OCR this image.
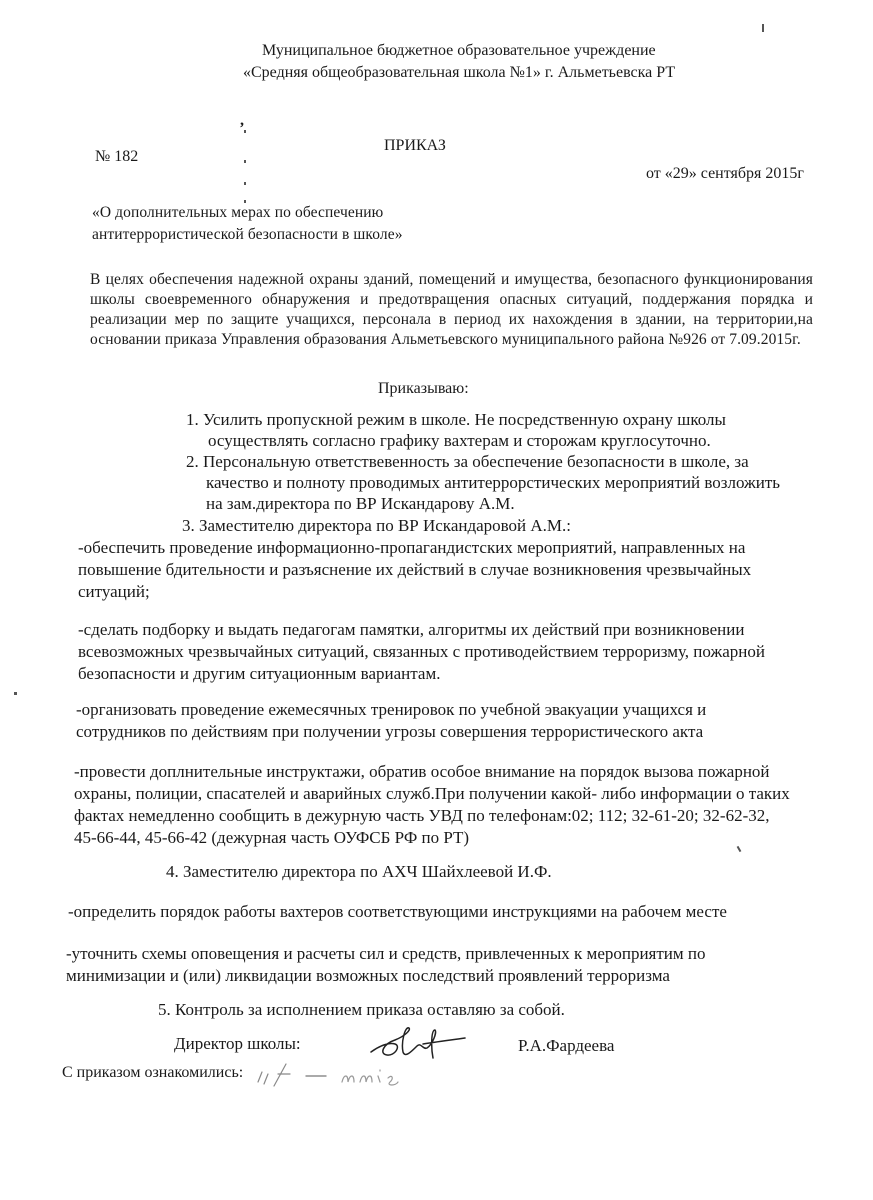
Муниципальное бюджетное образовательное учреждение
«Средняя общеобразовательная школа №1» г. Альметьевска РТ
,
ПРИКАЗ
№ 182
от «29» сентября 2015г
«О дополнительных мерах по обеспечению
антитеррористической безопасности в школе»
В целях обеспечения надежной охраны зданий, помещений и имущества, безопасного функционирования
школы своевременного обнаружения и предотвращения опасных ситуаций, поддержания порядка и
реализации мер по защите учащихся, персонала в период их нахождения в здании, на территории,на
основании приказа Управления образования Альметьевского муниципального района №926 от 7.09.2015г.
Приказываю:
1. Усилить пропускной режим в школе. Не посредственную охрану школы
осуществлять согласно графику вахтерам и сторожам круглосуточно.
2. Персональную ответствевенность за обеспечение безопасности в школе, за
качество и полноту проводимых антитеррорстических мероприятий возложить
на зам.директора по ВР Искандарову А.М.
3. Заместителю директора по ВР Искандаровой А.М.:
-обеспечить проведение информационно-пропагандистских мероприятий, направленных на
повышение бдительности и разъяснение их действий в случае возникновения чрезвычайных
ситуаций;
-сделать подборку и выдать педагогам памятки, алгоритмы их действий при возникновении
всевозможных чрезвычайных ситуаций, связанных с противодействием терроризму, пожарной
безопасности и другим ситуационным вариантам.
-организовать проведение ежемесячных тренировок по учебной эвакуации учащихся и
сотрудников по действиям при получении угрозы совершения террористического акта
-провести доплнительные инструктажи, обратив особое внимание на порядок вызова пожарной
охраны, полиции, спасателей и аварийных служб.При получении какой- либо информации о таких
фактах немедленно сообщить в дежурную часть УВД по телефонам:02; 112; 32-61-20; 32-62-32,
45-66-44, 45-66-42 (дежурная часть ОУФСБ РФ по РТ)
4. Заместителю директора по АХЧ Шайхлеевой И.Ф.
-определить порядок работы вахтеров соответствующими инструкциями на рабочем месте
-уточнить схемы оповещения и расчеты сил и средств, привлеченных к мероприятим по
минимизации и (или) ликвидации возможных последствий проявлений терроризма
5. Контроль за исполнением приказа оставляю за собой.
Директор школы:	Р.А.Фардеева
С приказом ознакомились:
